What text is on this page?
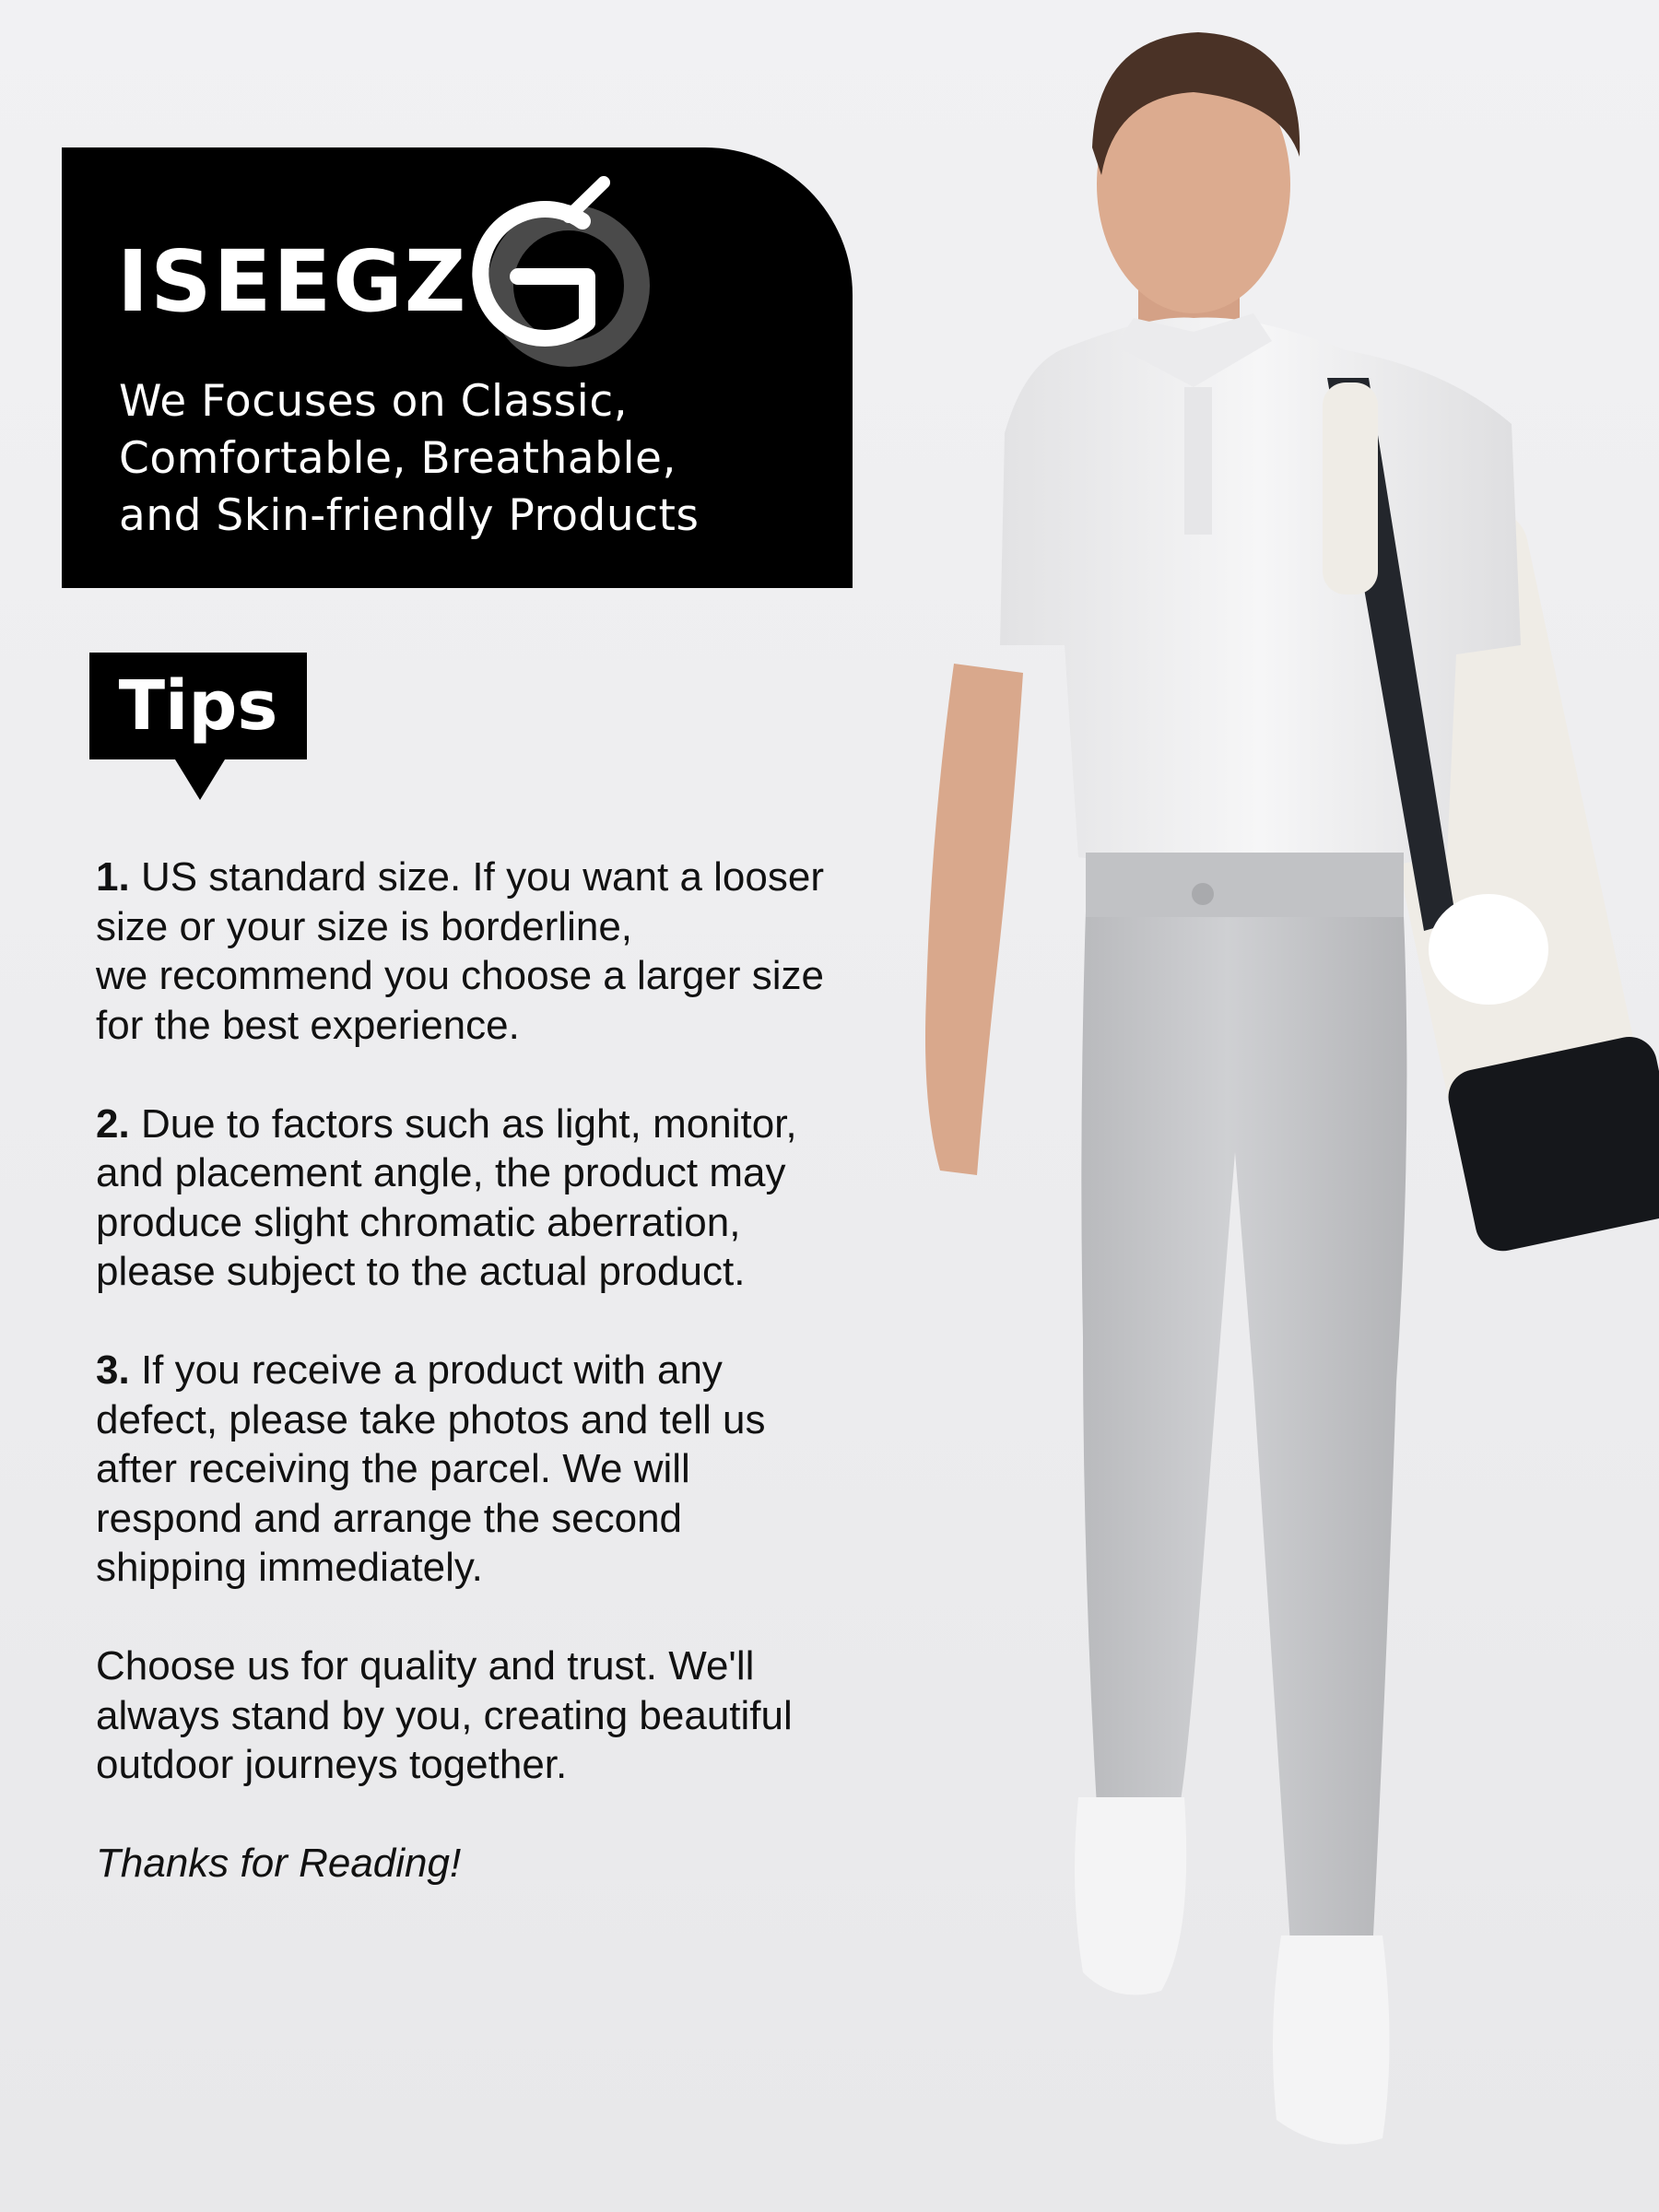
ISEEGZ
We Focuses on Classic,
Comfortable, Breathable,
and Skin-friendly Products
Tips

1. US standard size. If you want a looser
size or your size is borderline,
we recommend you choose a larger size
for the best experience.

2. Due to factors such as light, monitor,
and placement angle, the product may
produce slight chromatic aberration,
please subject to the actual product.

3. If you receive a product with any
defect, please take photos and tell us
after receiving the parcel. We will
respond and arrange the second
shipping immediately.

Choose us for quality and trust. We'll
always stand by you, creating beautiful
outdoor journeys together.

Thanks for Reading!
